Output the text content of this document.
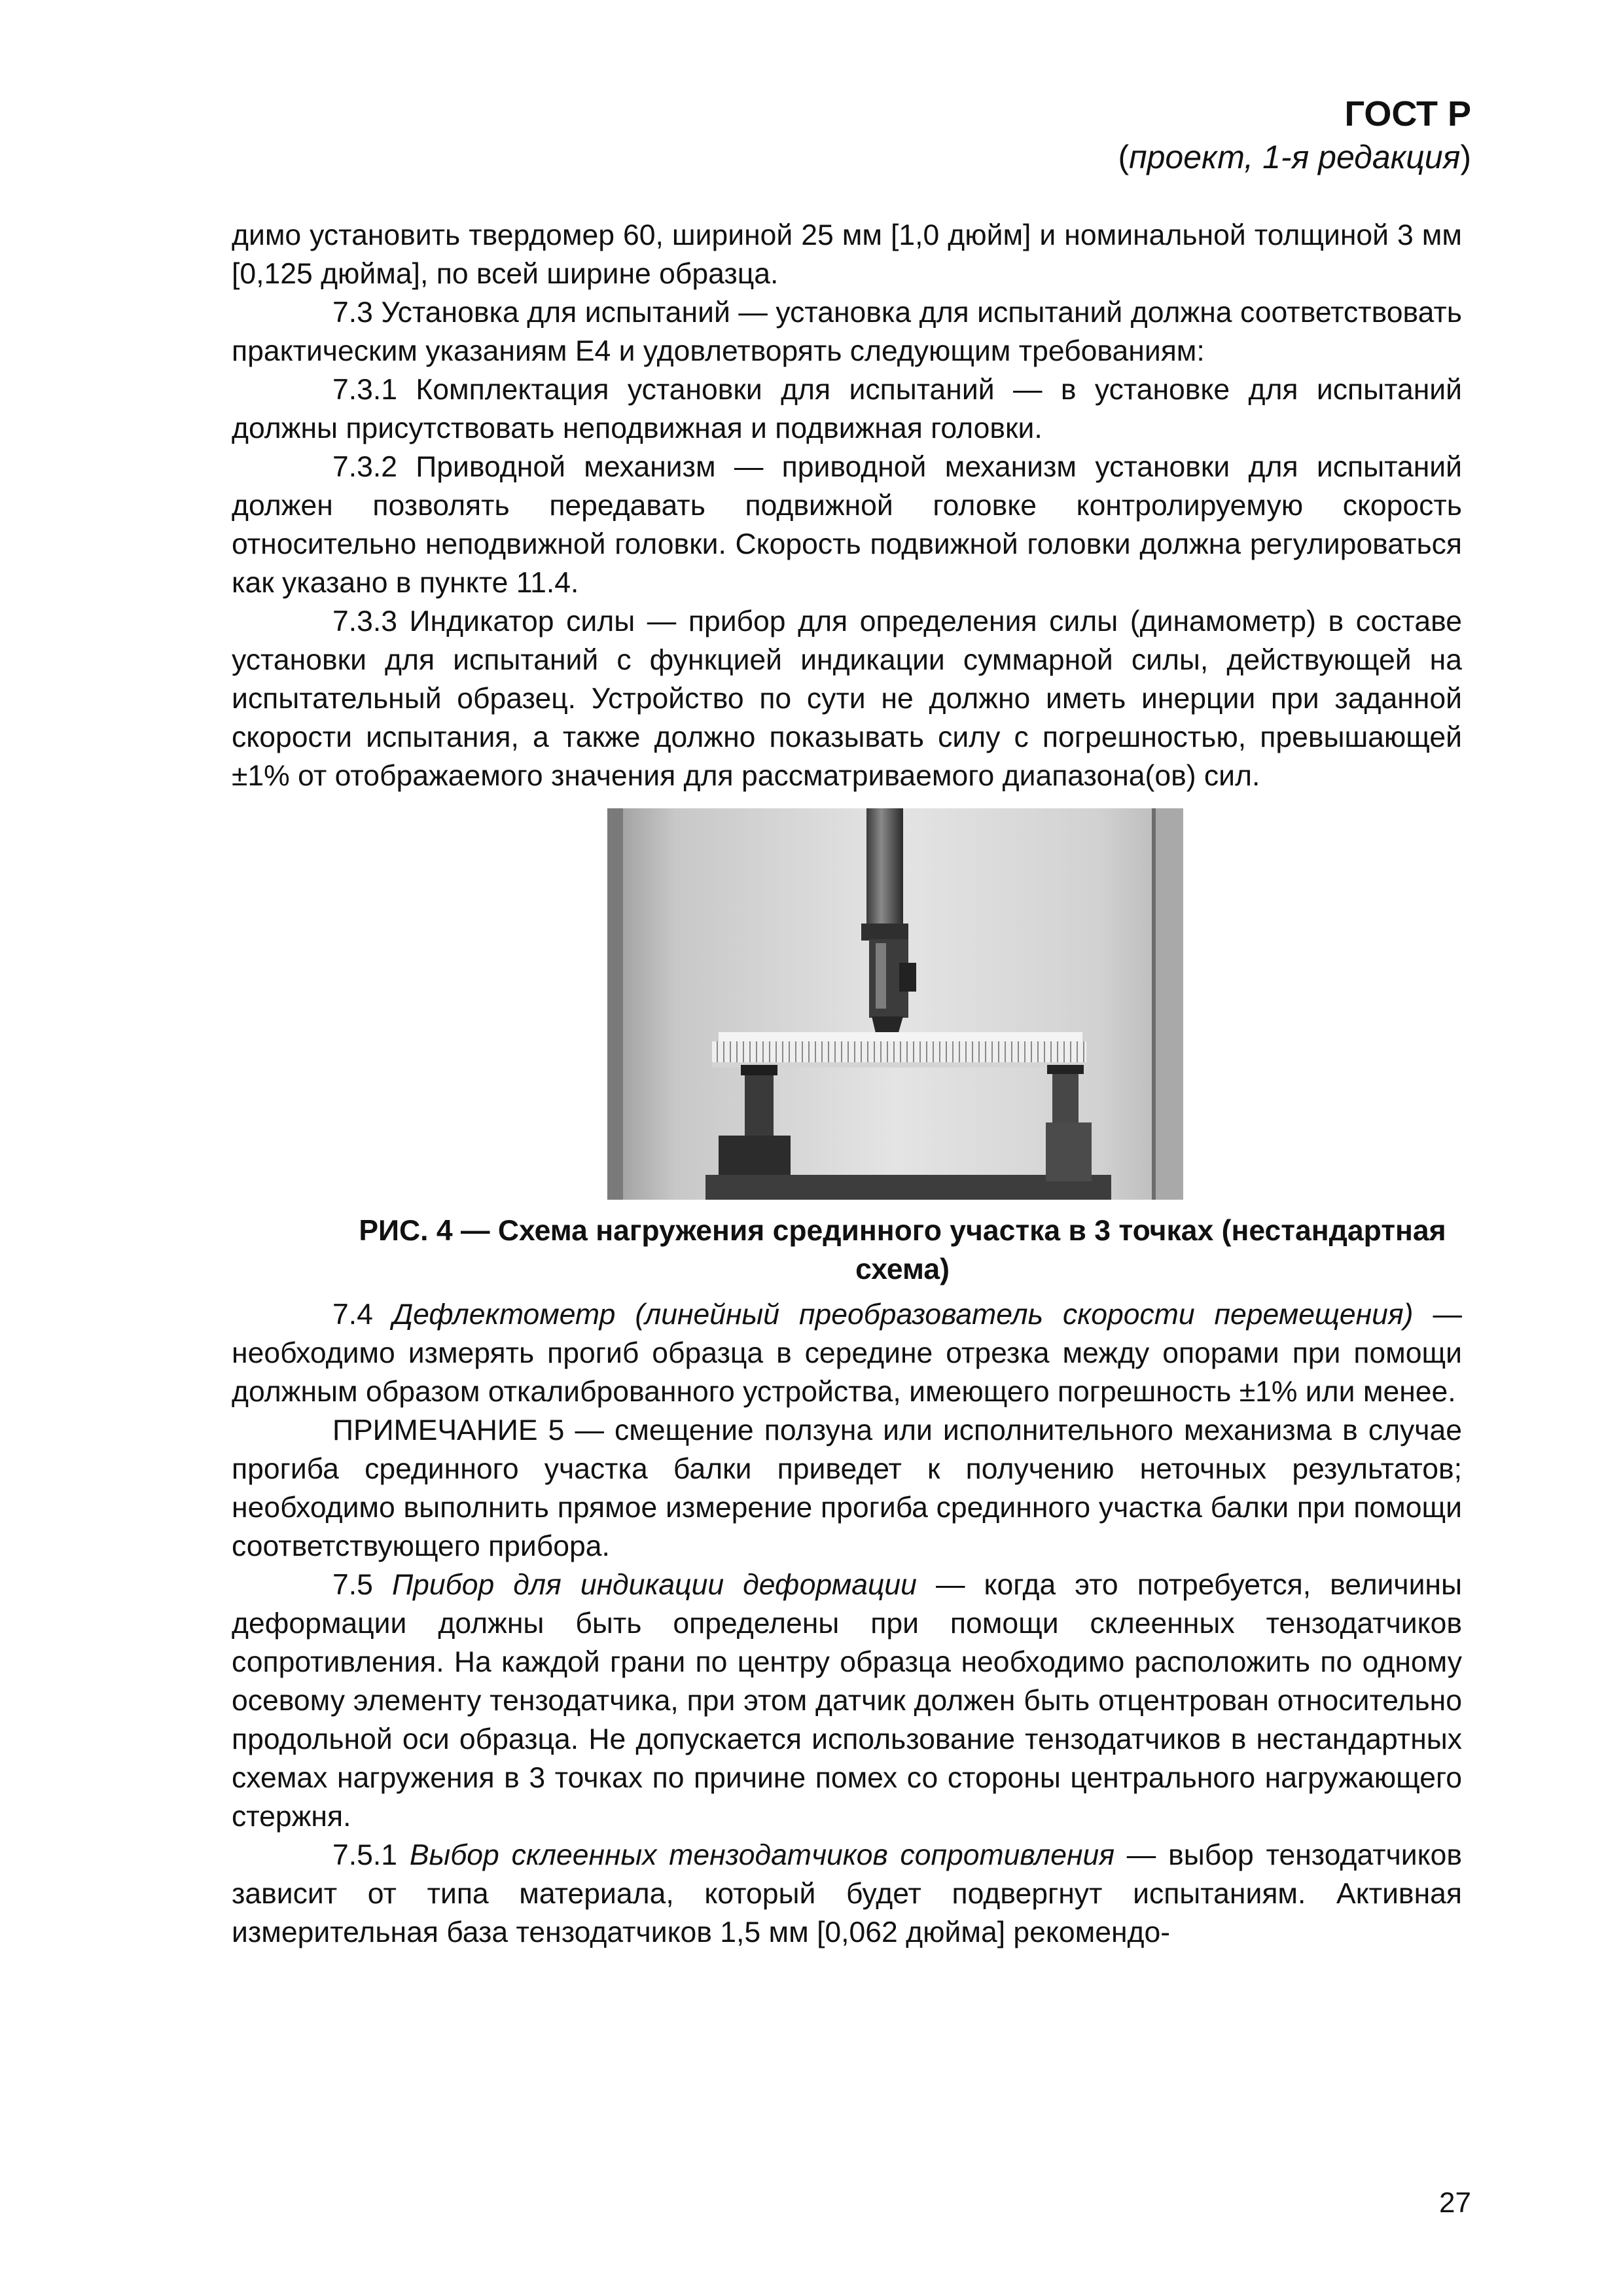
ГОСТ Р
(проект, 1-я редакция)

димо установить твердомер 60, шириной 25 мм [1,0 дюйм] и номинальной толщиной 3 мм [0,125 дюйма], по всей ширине образца.

7.3 Установка для испытаний — установка для испытаний должна соответствовать практическим указаниям Е4 и удовлетворять следующим требованиям:

7.3.1 Комплектация установки для испытаний — в установке для испытаний должны присутствовать неподвижная и подвижная головки.

7.3.2 Приводной механизм — приводной механизм установки для испытаний должен позволять передавать подвижной головке контролируемую скорость относительно неподвижной головки. Скорость подвижной головки должна регулироваться как указано в пункте 11.4.

7.3.3 Индикатор силы — прибор для определения силы (динамометр) в составе установки для испытаний с функцией индикации суммарной силы, действующей на испытательный образец. Устройство по сути не должно иметь инерции при заданной скорости испытания, а также должно показывать силу с погрешностью, превышающей ±1% от отображаемого значения для рассматриваемого диапазона(ов) сил.

РИС. 4 — Схема нагружения срединного участка в 3 точках (нестандартная схема)

7.4 Дефлектометр (линейный преобразователь скорости перемещения) — необходимо измерять прогиб образца в середине отрезка между опорами при помощи должным образом откалиброванного устройства, имеющего погрешность ±1% или менее.

ПРИМЕЧАНИЕ 5 — смещение ползуна или исполнительного механизма в случае прогиба срединного участка балки приведет к получению неточных результатов; необходимо выполнить прямое измерение прогиба срединного участка балки при помощи соответствующего прибора.

7.5 Прибор для индикации деформации — когда это потребуется, величины деформации должны быть определены при помощи склеенных тензодатчиков сопротивления. На каждой грани по центру образца необходимо расположить по одному осевому элементу тензодатчика, при этом датчик должен быть отцентрован относительно продольной оси образца. Не допускается использование тензодатчиков в нестандартных схемах нагружения в 3 точках по причине помех со стороны центрального нагружающего стержня.

7.5.1 Выбор склеенных тензодатчиков сопротивления — выбор тензодатчиков зависит от типа материала, который будет подвергнут испытаниям. Активная измерительная база тензодатчиков 1,5 мм [0,062 дюйма] рекомендо-

27
